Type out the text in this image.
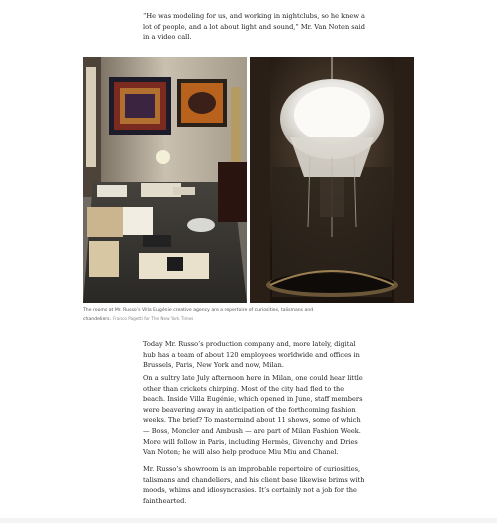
“He was modeling for us, and working in nightclubs, so he knew a lot of people, and a lot about light and sound,” Mr. Van Noten said in a video call.

The rooms at Mr. Russo’s Villa Eugénie creative agency are a repertoire of curiosities, talismans and chandeliers. Franco Pagetti for The New York Times

Today Mr. Russo’s production company and, more lately, digital hub has a team of about 120 employees worldwide and offices in Brussels, Paris, New York and now, Milan.

On a sultry late July afternoon here in Milan, one could hear little other than crickets chirping. Most of the city had fled to the beach. Inside Villa Eugénie, which opened in June, staff members were beavering away in anticipation of the forthcoming fashion weeks. The brief? To mastermind about 11 shows, some of which — Boss, Moncler and Ambush — are part of Milan Fashion Week. More will follow in Paris, including Hermès, Givenchy and Dries Van Noten; he will also help produce Miu Miu and Chanel.

Mr. Russo’s showroom is an improbable repertoire of curiosities, talismans and chandeliers, and his client base likewise brims with moods, whims and idiosyncrasies. It’s certainly not a job for the fainthearted.
